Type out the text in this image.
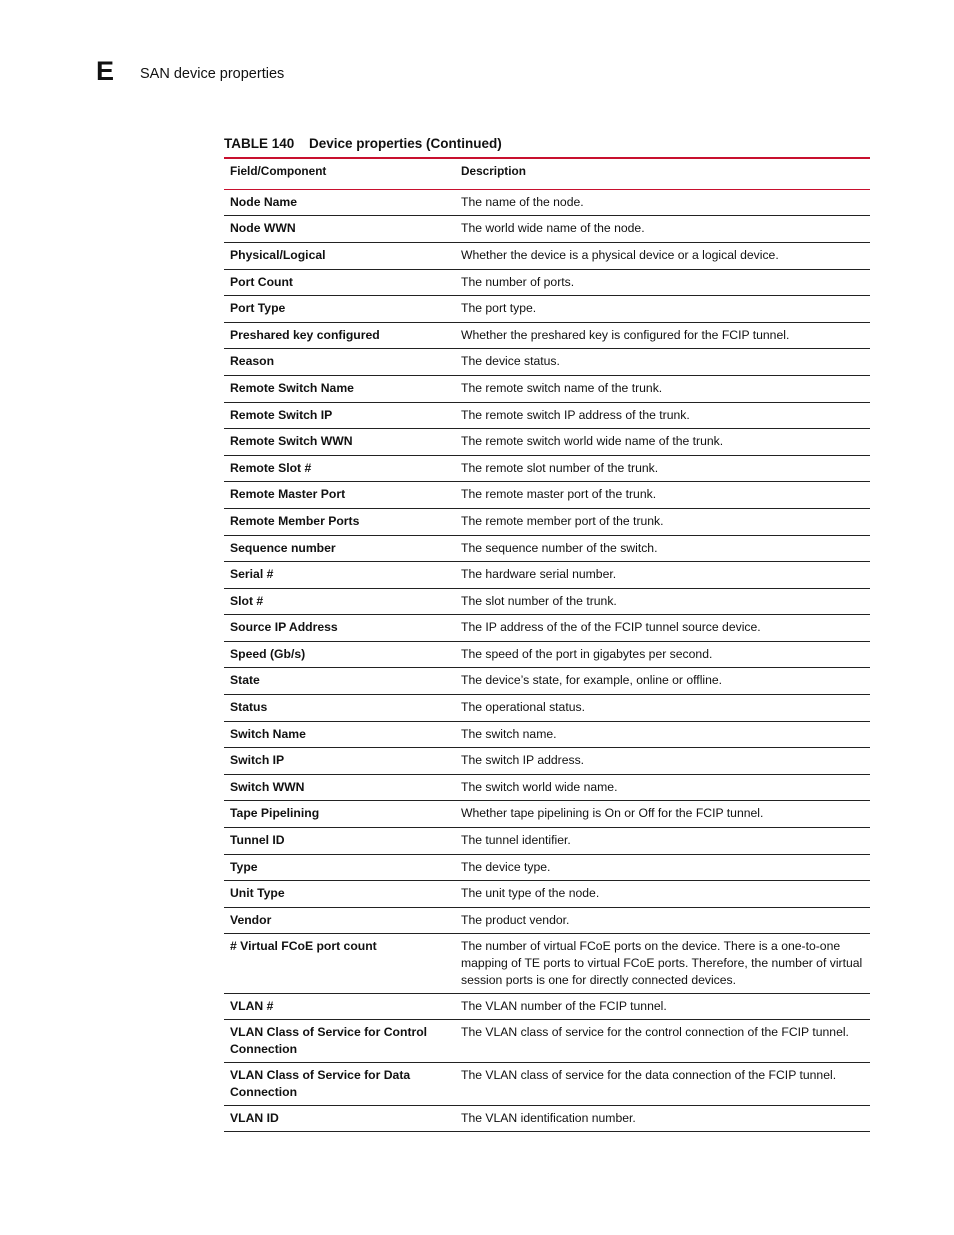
E SAN device properties
TABLE 140 Device properties (Continued)
Field/Component	Description
Node Name	The name of the node.
Node WWN	The world wide name of the node.
Physical/Logical	Whether the device is a physical device or a logical device.
Port Count	The number of ports.
Port Type	The port type.
Preshared key configured	Whether the preshared key is configured for the FCIP tunnel.
Reason	The device status.
Remote Switch Name	The remote switch name of the trunk.
Remote Switch IP	The remote switch IP address of the trunk.
Remote Switch WWN	The remote switch world wide name of the trunk.
Remote Slot #	The remote slot number of the trunk.
Remote Master Port	The remote master port of the trunk.
Remote Member Ports	The remote member port of the trunk.
Sequence number	The sequence number of the switch.
Serial #	The hardware serial number.
Slot #	The slot number of the trunk.
Source IP Address	The IP address of the of the FCIP tunnel source device.
Speed (Gb/s)	The speed of the port in gigabytes per second.
State	The device’s state, for example, online or offline.
Status	The operational status.
Switch Name	The switch name.
Switch IP	The switch IP address.
Switch WWN	The switch world wide name.
Tape Pipelining	Whether tape pipelining is On or Off for the FCIP tunnel.
Tunnel ID	The tunnel identifier.
Type	The device type.
Unit Type	The unit type of the node.
Vendor	The product vendor.
# Virtual FCoE port count	The number of virtual FCoE ports on the device. There is a one-to-one mapping of TE ports to virtual FCoE ports. Therefore, the number of virtual session ports is one for directly connected devices.
VLAN #	The VLAN number of the FCIP tunnel.
VLAN Class of Service for Control Connection	The VLAN class of service for the control connection of the FCIP tunnel.
VLAN Class of Service for Data Connection	The VLAN class of service for the data connection of the FCIP tunnel.
VLAN ID	The VLAN identification number.
